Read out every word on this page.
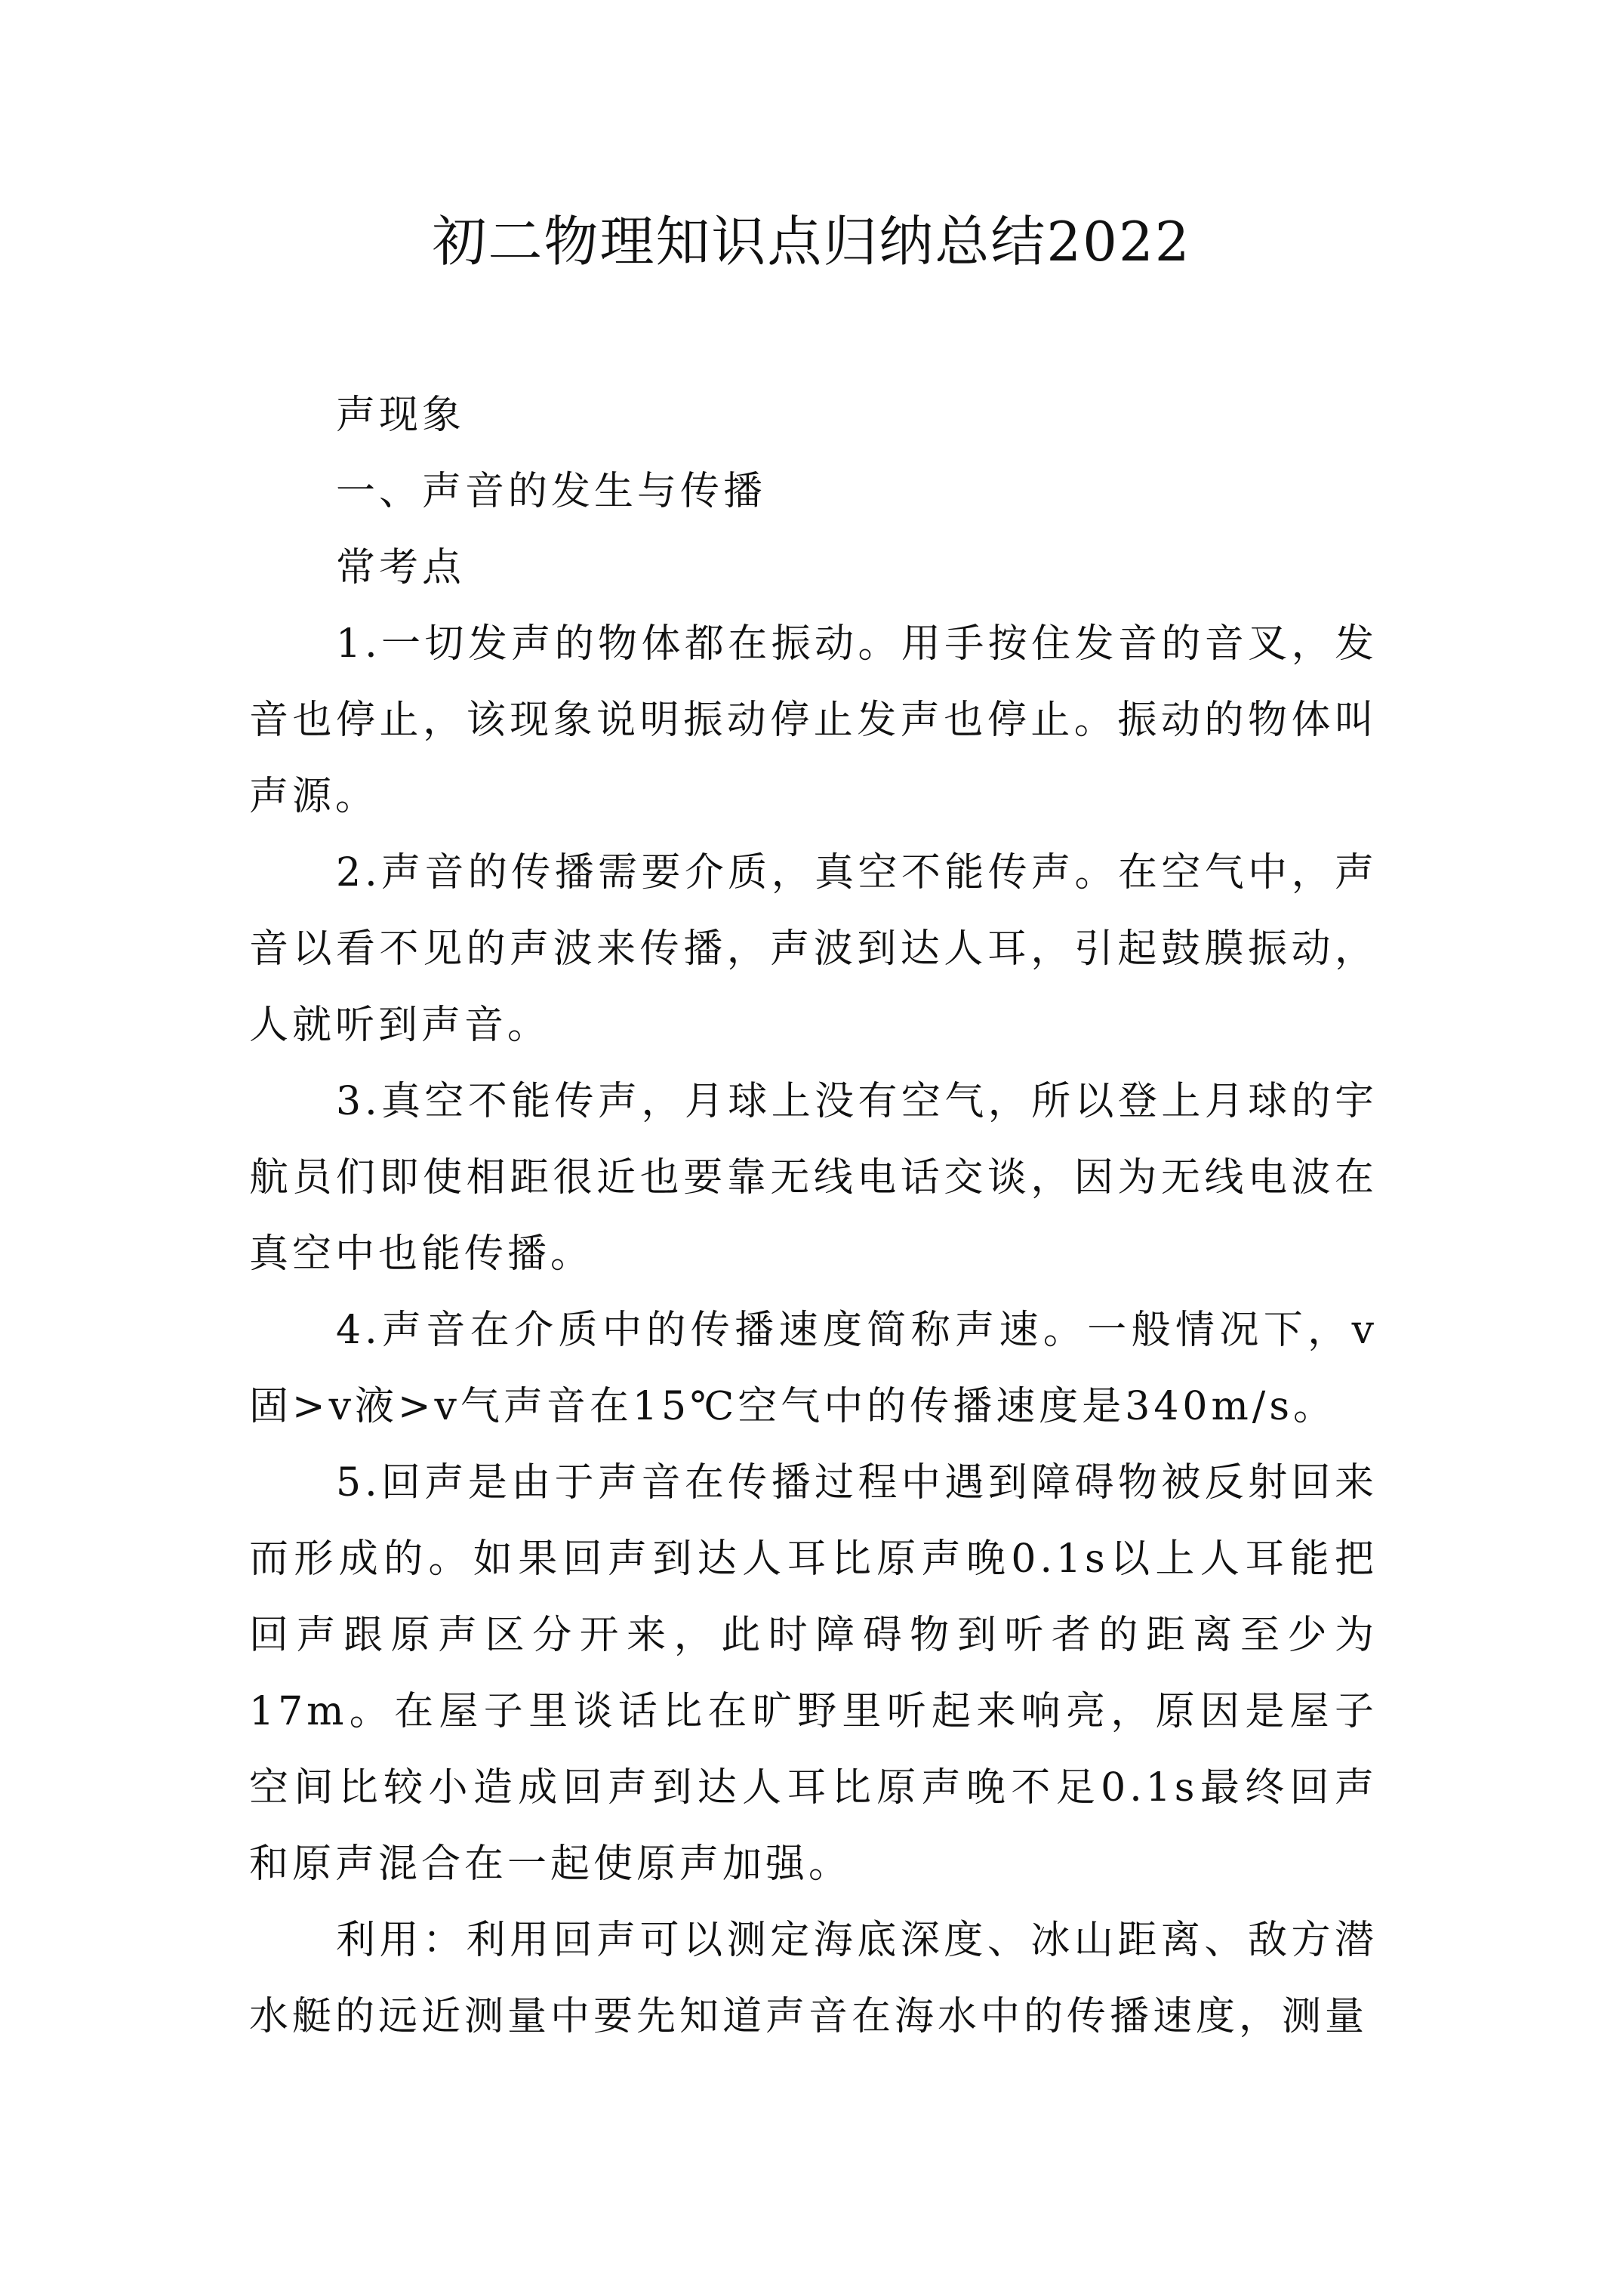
初二物理知识点归纳总结2022

声现象

一、声音的发生与传播

常考点

1.一切发声的物体都在振动。用手按住发音的音叉，发音也停止，该现象说明振动停止发声也停止。振动的物体叫声源。

2.声音的传播需要介质，真空不能传声。在空气中，声音以看不见的声波来传播，声波到达人耳，引起鼓膜振动，人就听到声音。

3.真空不能传声，月球上没有空气，所以登上月球的宇航员们即使相距很近也要靠无线电话交谈，因为无线电波在真空中也能传播。

4.声音在介质中的传播速度简称声速。一般情况下，v固>v液>v气声音在15℃空气中的传播速度是340m/s。

5.回声是由于声音在传播过程中遇到障碍物被反射回来而形成的。如果回声到达人耳比原声晚0.1s以上人耳能把回声跟原声区分开来，此时障碍物到听者的距离至少为17m。在屋子里谈话比在旷野里听起来响亮，原因是屋子空间比较小造成回声到达人耳比原声晚不足0.1s最终回声和原声混合在一起使原声加强。

利用：利用回声可以测定海底深度、冰山距离、敌方潜水艇的远近测量中要先知道声音在海水中的传播速度，测量
